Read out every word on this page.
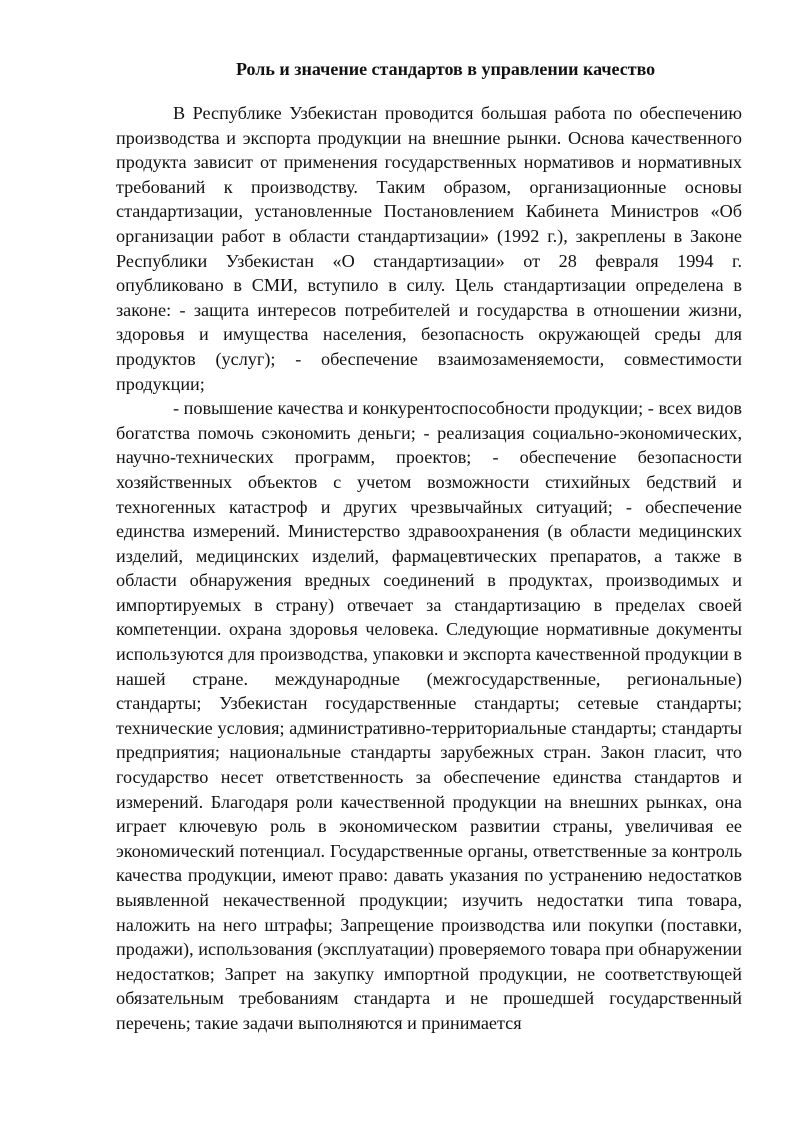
Роль и значение стандартов в управлении качество

В Республике Узбекистан проводится большая работа по обеспечению производства и экспорта продукции на внешние рынки. Основа качественного продукта зависит от применения государственных нормативов и нормативных требований к производству. Таким образом, организационные основы стандартизации, установленные Постановлением Кабинета Министров «Об организации работ в области стандартизации» (1992 г.), закреплены в Законе Республики Узбекистан «О стандартизации» от 28 февраля 1994 г. опубликовано в СМИ, вступило в силу. Цель стандартизации определена в законе: - защита интересов потребителей и государства в отношении жизни, здоровья и имущества населения, безопасность окружающей среды для продуктов (услуг); - обеспечение взаимозаменяемости, совместимости продукции;

- повышение качества и конкурентоспособности продукции; - всех видов богатства помочь сэкономить деньги; - реализация социально-экономических, научно-технических программ, проектов; - обеспечение безопасности хозяйственных объектов с учетом возможности стихийных бедствий и техногенных катастроф и других чрезвычайных ситуаций; - обеспечение единства измерений. Министерство здравоохранения (в области медицинских изделий, медицинских изделий, фармацевтических препаратов, а также в области обнаружения вредных соединений в продуктах, производимых и импортируемых в страну) отвечает за стандартизацию в пределах своей компетенции. охрана здоровья человека. Следующие нормативные документы используются для производства, упаковки и экспорта качественной продукции в нашей стране. международные (межгосударственные, региональные) стандарты; Узбекистан государственные стандарты; сетевые стандарты; технические условия; административно-территориальные стандарты; стандарты предприятия; национальные стандарты зарубежных стран. Закон гласит, что государство несет ответственность за обеспечение единства стандартов и измерений. Благодаря роли качественной продукции на внешних рынках, она играет ключевую роль в экономическом развитии страны, увеличивая ее экономический потенциал. Государственные органы, ответственные за контроль качества продукции, имеют право: давать указания по устранению недостатков выявленной некачественной продукции; изучить недостатки типа товара, наложить на него штрафы; Запрещение производства или покупки (поставки, продажи), использования (эксплуатации) проверяемого товара при обнаружении недостатков; Запрет на закупку импортной продукции, не соответствующей обязательным требованиям стандарта и не прошедшей государственный перечень; такие задачи выполняются и принимается
